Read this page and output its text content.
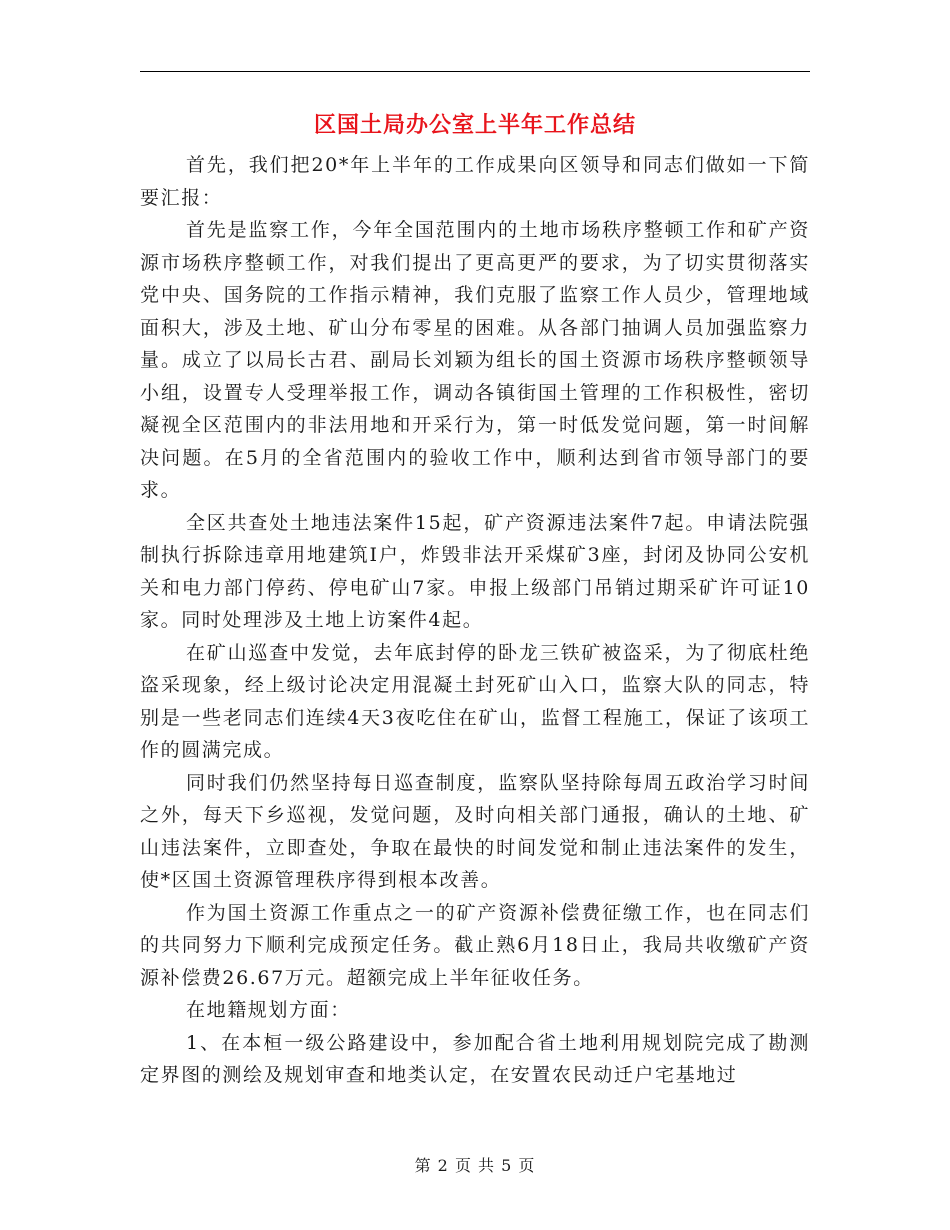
区国土局办公室上半年工作总结

首先，我们把20*年上半年的工作成果向区领导和同志们做如一下简要汇报：

首先是监察工作，今年全国范围内的土地市场秩序整顿工作和矿产资源市场秩序整顿工作，对我们提出了更高更严的要求，为了切实贯彻落实党中央、国务院的工作指示精神，我们克服了监察工作人员少，管理地域面积大，涉及土地、矿山分布零星的困难。从各部门抽调人员加强监察力量。成立了以局长古君、副局长刘颖为组长的国土资源市场秩序整顿领导小组，设置专人受理举报工作，调动各镇街国土管理的工作积极性，密切凝视全区范围内的非法用地和开采行为，第一时低发觉问题，第一时间解决问题。在5月的全省范围内的验收工作中，顺利达到省市领导部门的要求。

全区共查处土地违法案件15起，矿产资源违法案件7起。申请法院强制执行拆除违章用地建筑I户，炸毁非法开采煤矿3座，封闭及协同公安机关和电力部门停药、停电矿山7家。申报上级部门吊销过期采矿许可证10家。同时处理涉及土地上访案件4起。

在矿山巡查中发觉，去年底封停的卧龙三铁矿被盗采，为了彻底杜绝盗采现象，经上级讨论决定用混凝土封死矿山入口，监察大队的同志，特别是一些老同志们连续4天3夜吃住在矿山，监督工程施工，保证了该项工作的圆满完成。

同时我们仍然坚持每日巡查制度，监察队坚持除每周五政治学习时间之外，每天下乡巡视，发觉问题，及时向相关部门通报，确认的土地、矿山违法案件，立即查处，争取在最快的时间发觉和制止违法案件的发生，使*区国土资源管理秩序得到根本改善。

作为国土资源工作重点之一的矿产资源补偿费征缴工作，也在同志们的共同努力下顺利完成预定任务。截止熟6月18日止，我局共收缴矿产资源补偿费26.67万元。超额完成上半年征收任务。

在地籍规划方面：

1、在本桓一级公路建设中，参加配合省土地利用规划院完成了勘测定界图的测绘及规划审查和地类认定，在安置农民动迁户宅基地过

第 2 页 共 5 页
